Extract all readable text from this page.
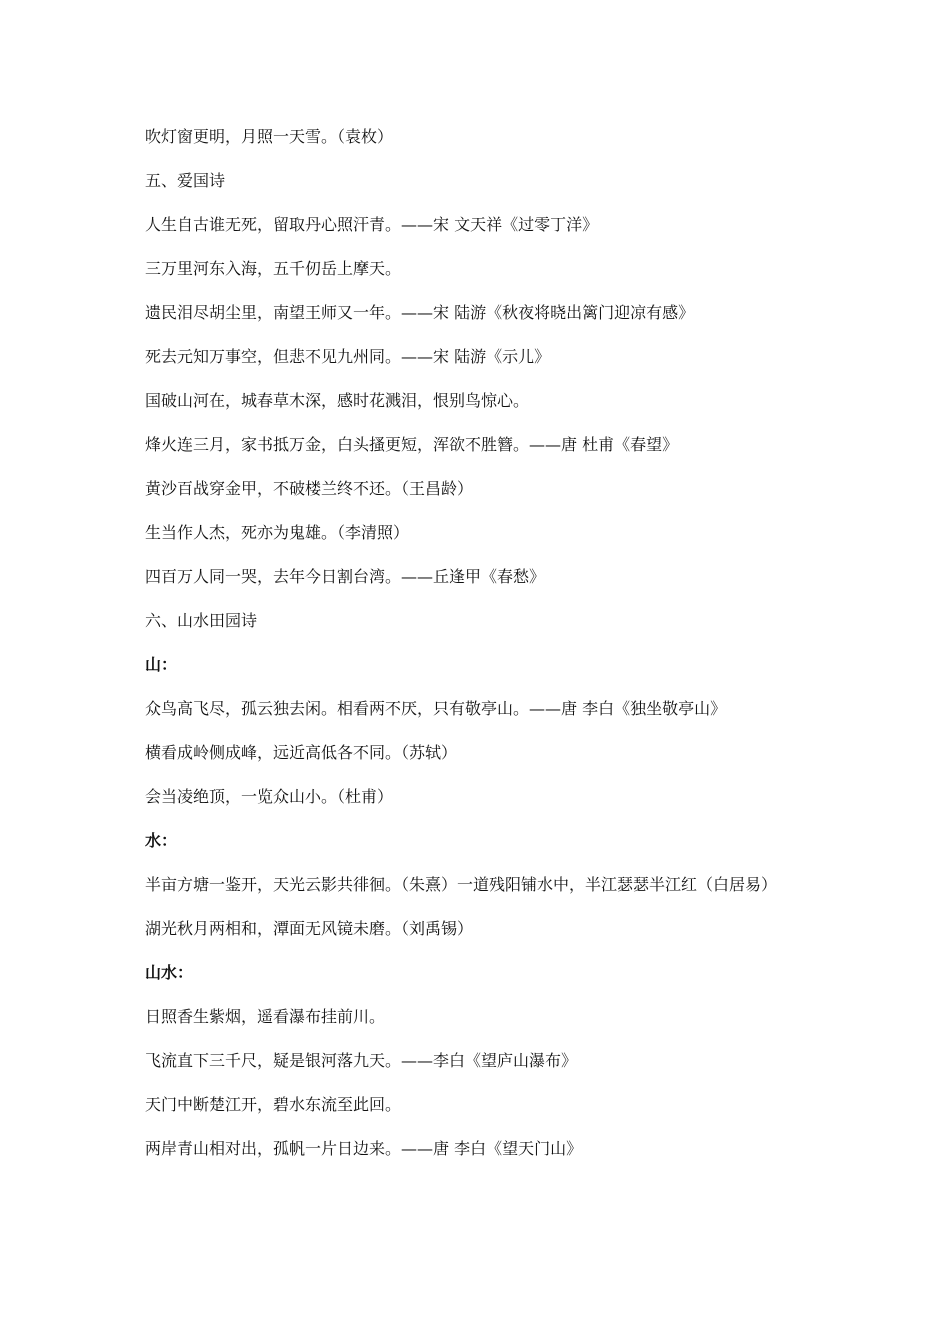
吹灯窗更明，月照一天雪。（袁枚）

五、爱国诗

人生自古谁无死，留取丹心照汗青。——宋 文天祥《过零丁洋》

三万里河东入海，五千仞岳上摩天。

遗民泪尽胡尘里，南望王师又一年。——宋 陆游《秋夜将晓出篱门迎凉有感》

死去元知万事空，但悲不见九州同。——宋 陆游《示儿》

国破山河在，城春草木深，感时花溅泪，恨别鸟惊心。

烽火连三月，家书抵万金，白头搔更短，浑欲不胜簪。——唐 杜甫《春望》

黄沙百战穿金甲，不破楼兰终不还。（王昌龄）

生当作人杰，死亦为鬼雄。（李清照）

四百万人同一哭，去年今日割台湾。——丘逢甲《春愁》

六、山水田园诗

山：

众鸟高飞尽，孤云独去闲。相看两不厌，只有敬亭山。——唐 李白《独坐敬亭山》

横看成岭侧成峰，远近高低各不同。（苏轼）

会当凌绝顶，一览众山小。（杜甫）

水：

半亩方塘一鉴开，天光云影共徘徊。（朱熹）一道残阳铺水中，半江瑟瑟半江红（白居易）

湖光秋月两相和，潭面无风镜未磨。（刘禹锡）

山水：

日照香生紫烟，遥看瀑布挂前川。

飞流直下三千尺，疑是银河落九天。——李白《望庐山瀑布》

天门中断楚江开，碧水东流至此回。

两岸青山相对出，孤帆一片日边来。——唐 李白《望天门山》
